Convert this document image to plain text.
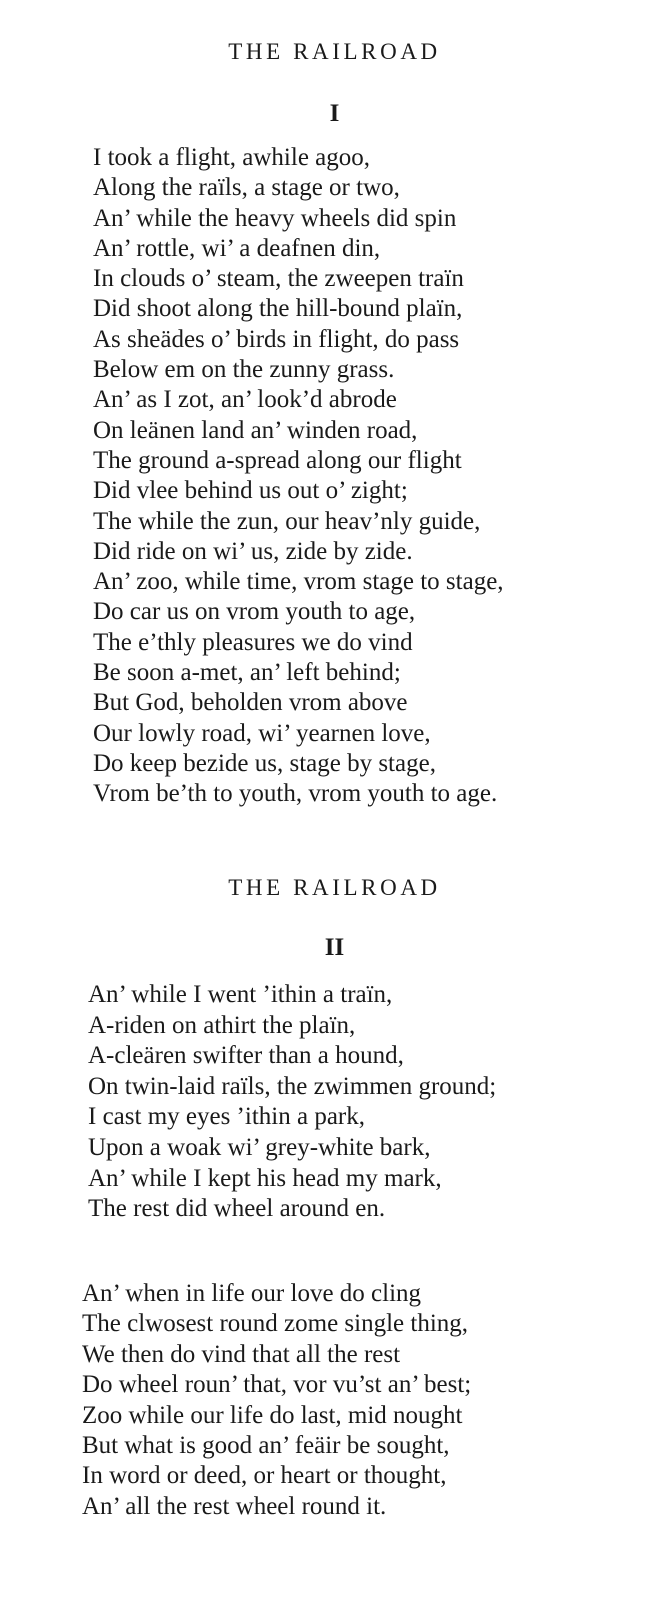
THE RAILROAD
I
I took a flight, awhile agoo,
Along the raïls, a stage or two,
An’ while the heavy wheels did spin
An’ rottle, wi’ a deafnen din,
In clouds o’ steam, the zweepen traïn
Did shoot along the hill-bound plaïn,
As sheädes o’ birds in flight, do pass
Below em on the zunny grass.
An’ as I zot, an’ look’d abrode
On leänen land an’ winden road,
The ground a-spread along our flight
Did vlee behind us out o’ zight;
The while the zun, our heav’nly guide,
Did ride on wi’ us, zide by zide.
An’ zoo, while time, vrom stage to stage,
Do car us on vrom youth to age,
The e’thly pleasures we do vind
Be soon a-met, an’ left behind;
But God, beholden vrom above
Our lowly road, wi’ yearnen love,
Do keep bezide us, stage by stage,
Vrom be’th to youth, vrom youth to age.
THE RAILROAD
II
An’ while I went ’ithin a traïn,
A-riden on athirt the plaïn,
A-cleären swifter than a hound,
On twin-laid raïls, the zwimmen ground;
I cast my eyes ’ithin a park,
Upon a woak wi’ grey-white bark,
An’ while I kept his head my mark,
The rest did wheel around en.
An’ when in life our love do cling
The clwosest round zome single thing,
We then do vind that all the rest
Do wheel roun’ that, vor vu’st an’ best;
Zoo while our life do last, mid nought
But what is good an’ feäir be sought,
In word or deed, or heart or thought,
An’ all the rest wheel round it.
